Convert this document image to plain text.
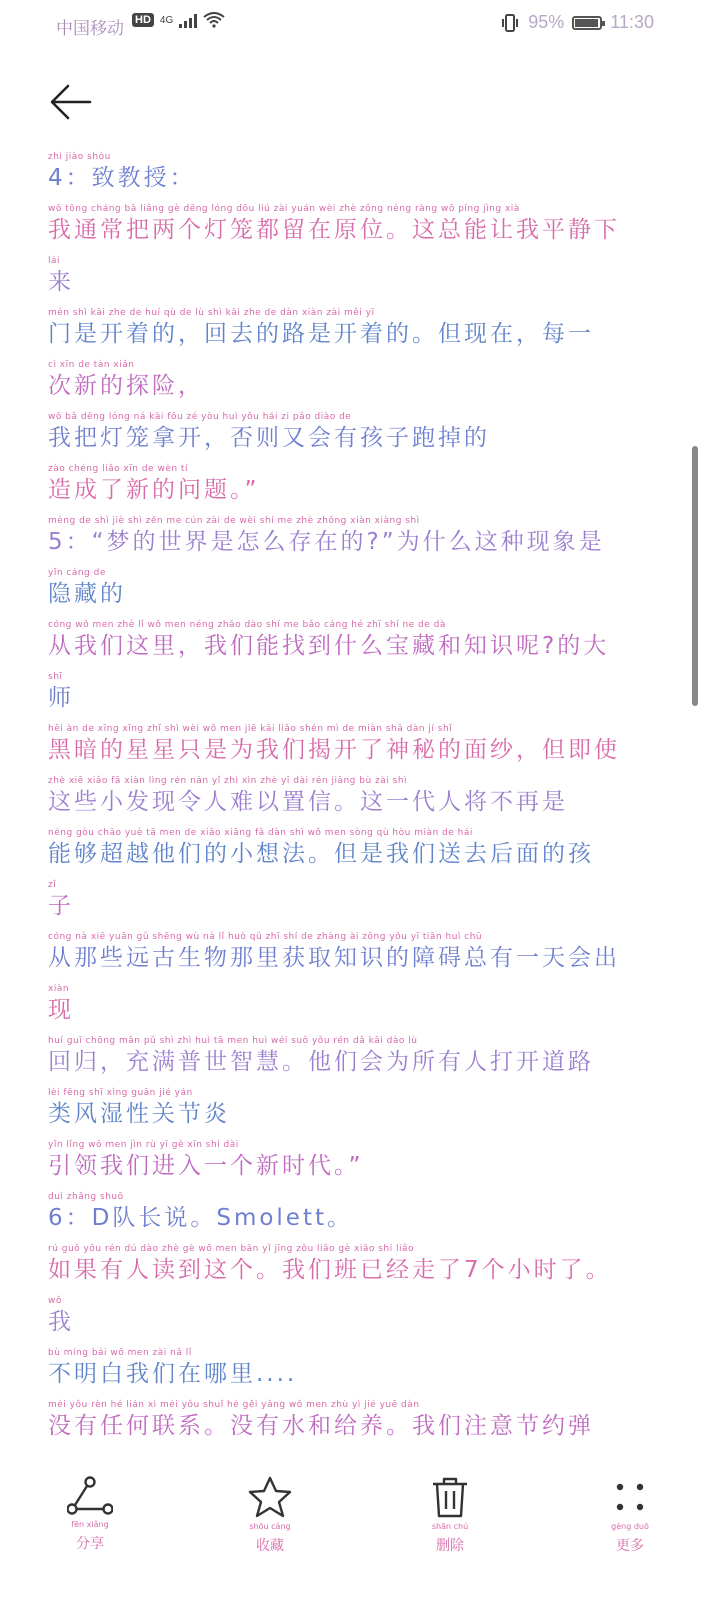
中国移动 HD 4G	95%	11:30
zhì jiào shòu
4：致教授：
wǒ tōng cháng bǎ liǎng gè dēng lóng dōu liú zài yuán wèi zhè zǒng néng ràng wǒ píng jìng xià
我通常把两个灯笼都留在原位。这总能让我平静下
lái
来
mén shì kāi zhe de huí qù de lù shì kāi zhe de dàn xiàn zài měi yī
门是开着的，回去的路是开着的。但现在，每一
cì xīn de tàn xiǎn
次新的探险，
wǒ bǎ dēng lóng ná kāi fǒu zé yòu huì yǒu hái zi pǎo diào de
我把灯笼拿开，否则又会有孩子跑掉的
zào chéng liǎo xīn de wèn tí
造成了新的问题。”
mèng de shì jiè shì zěn me cún zài de wèi shí me zhè zhǒng xiàn xiàng shì
5：“梦的世界是怎么存在的?”为什么这种现象是
yǐn cáng de
隐藏的
cóng wǒ men zhè lǐ wǒ men néng zhǎo dào shí me bǎo cáng hé zhī shí ne de dà
从我们这里，我们能找到什么宝藏和知识呢?的大
shī
师
hēi àn de xīng xīng zhǐ shì wèi wǒ men jiē kāi liǎo shén mì de miàn shā dàn jí shǐ
黑暗的星星只是为我们揭开了神秘的面纱，但即使
zhè xiē xiǎo fā xiàn lìng rén nán yǐ zhì xìn zhè yī dài rén jiāng bù zài shì
这些小发现令人难以置信。这一代人将不再是
néng gòu chāo yuè tā men de xiǎo xiǎng fǎ dàn shì wǒ men sòng qù hòu miàn de hái
能够超越他们的小想法。但是我们送去后面的孩
zǐ
子
cóng nà xiē yuǎn gǔ shēng wù nà lǐ huò qǔ zhī shí de zhàng ài zǒng yǒu yī tiān huì chū
从那些远古生物那里获取知识的障碍总有一天会出
xiàn
现
huí guī chōng mǎn pǔ shì zhì huì tā men huì wéi suǒ yǒu rén dǎ kāi dào lù
回归，充满普世智慧。他们会为所有人打开道路
lèi fēng shī xìng guān jié yán
类风湿性关节炎
yǐn lǐng wǒ men jìn rù yī gè xīn shí dài
引领我们进入一个新时代。”
duì zhǎng shuō
6：D队长说。Smolett。
rú guǒ yǒu rén dú dào zhè gè wǒ men bān yǐ jīng zǒu liǎo gè xiǎo shí liǎo
如果有人读到这个。我们班已经走了7个小时了。
wǒ
我
bù míng bái wǒ men zài nǎ lǐ
不明白我们在哪里....
méi yǒu rèn hé lián xì méi yǒu shuǐ hé gěi yǎng wǒ men zhù yì jié yuē dàn
没有任何联系。没有水和给养。我们注意节约弹
fēn xiǎng
分享
shōu cáng
收藏
shān chú
删除
gèng duō
更多
